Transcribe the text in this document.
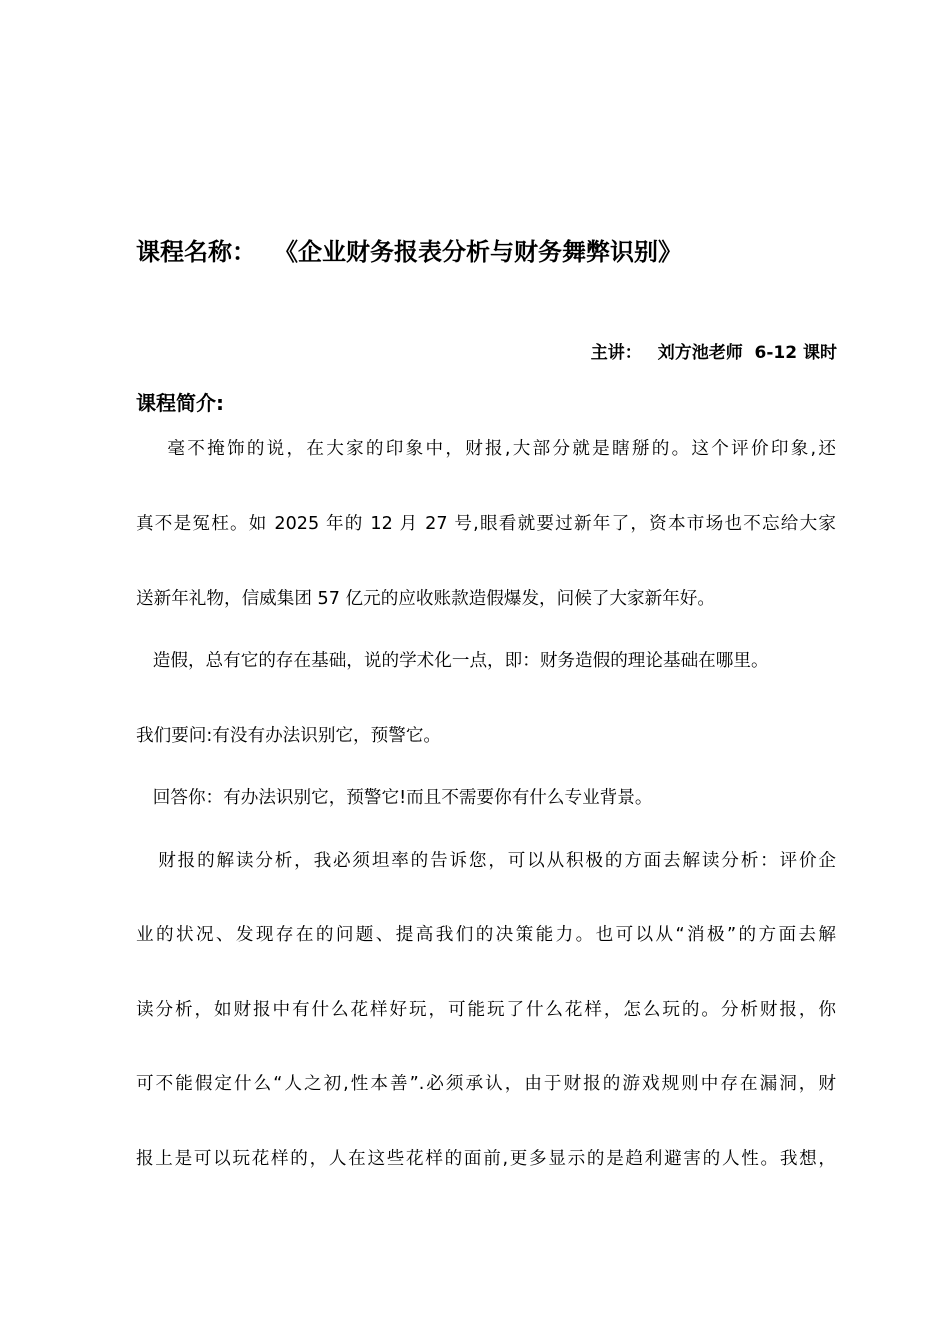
课程名称： 《企业财务报表分析与财务舞弊识别》
主讲： 刘方池老师  6-12 课时
课程简介:
毫不掩饰的说，在大家的印象中，财报,大部分就是瞎掰的。这个评价印象,还
真不是冤枉。如 2025 年的 12 月 27 号,眼看就要过新年了，资本市场也不忘给大家
送新年礼物，信威集团 57 亿元的应收账款造假爆发，问候了大家新年好。
造假，总有它的存在基础，说的学术化一点，即：财务造假的理论基础在哪里。
我们要问:有没有办法识别它，预警它。
回答你：有办法识别它，预警它!而且不需要你有什么专业背景。
财报的解读分析，我必须坦率的告诉您，可以从积极的方面去解读分析：评价企
业的状况、发现存在的问题、提高我们的决策能力。也可以从“消极”的方面去解
读分析，如财报中有什么花样好玩，可能玩了什么花样，怎么玩的。分析财报，你
可不能假定什么“人之初,性本善”.必须承认，由于财报的游戏规则中存在漏洞，财
报上是可以玩花样的，人在这些花样的面前,更多显示的是趋利避害的人性。我想，
